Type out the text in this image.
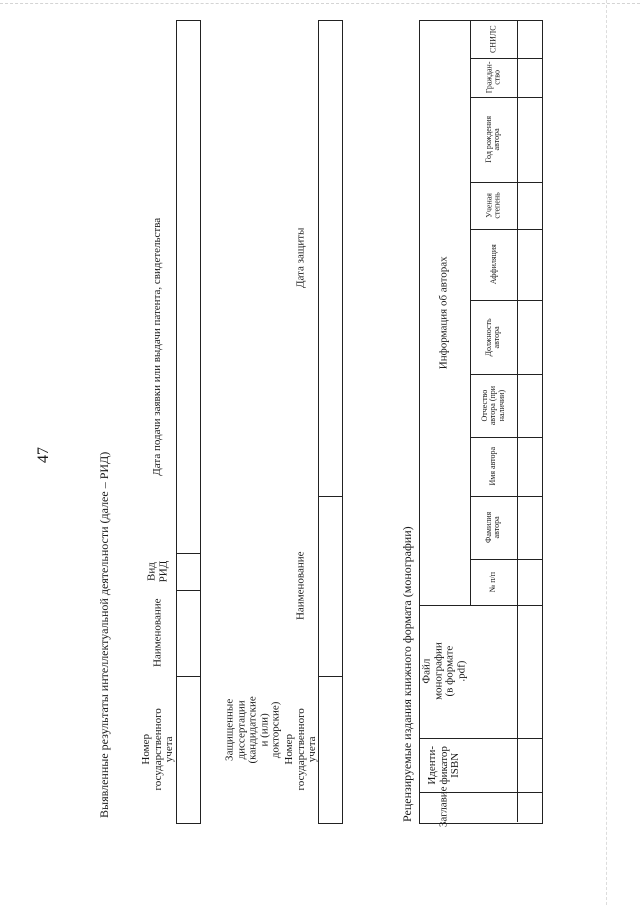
47	Выявленные результаты интеллектуальной деятельности (далее – РИД)	Номер государственного учета
Наименование
Вид РИД
Дата подачи заявки или выдачи патента, свидетельства
Защищенные диссертации (кандидатские и (или) докторские) Номер государственного учета
Наименование
Дата защиты
Рецензируемые издания книжного формата (монографии) Заглавие
Иденти-фикатор ISBN
Файл монографии (в формате .pdf)
Информация об авторах
№ п/п
Фамилия автора
Имя автора
Отчество автора (при наличии)
Должность автора
Аффиляция
Ученая степень
Год рождения автора
Граждан-ство
СНИЛС
